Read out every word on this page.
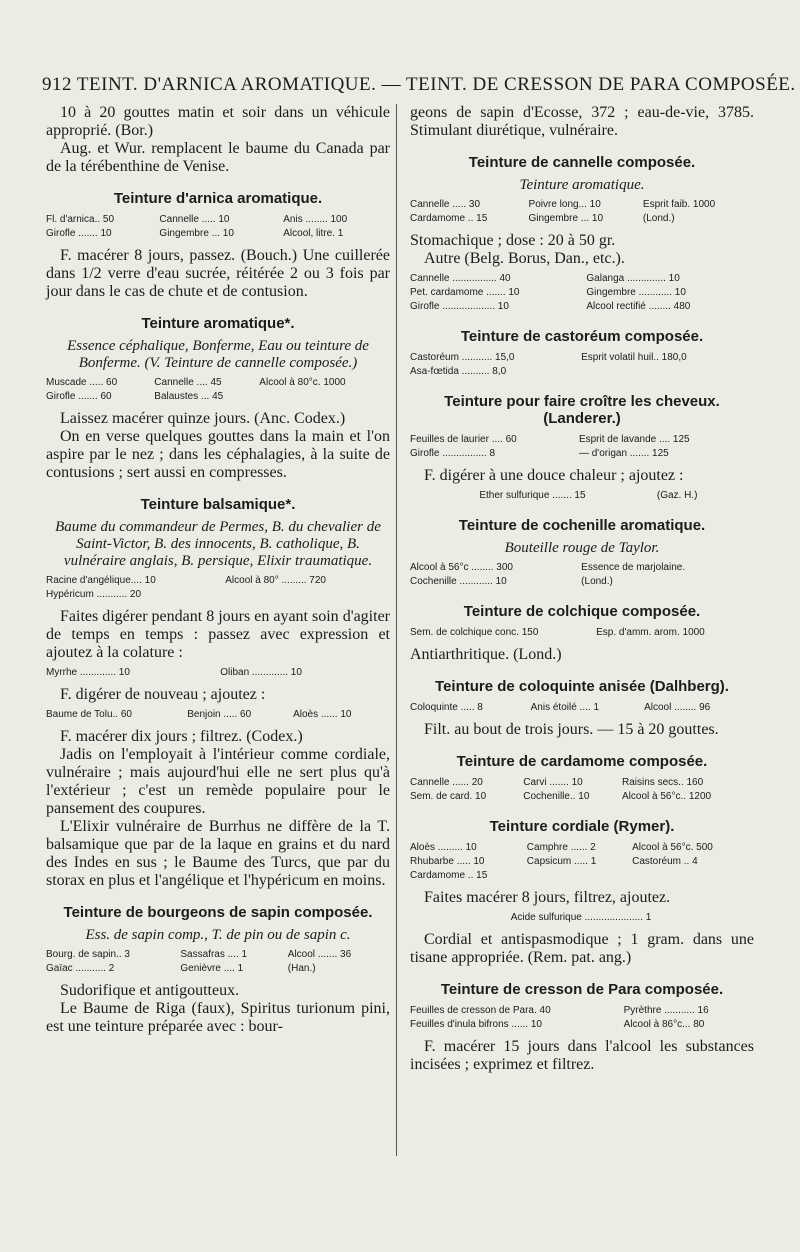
912 TEINT. D'ARNICA AROMATIQUE. — TEINT. DE CRESSON DE PARA COMPOSÉE.

10 à 20 gouttes matin et soir dans un véhicule approprié. (Bor.)

Aug. et Wur. remplacent le baume du Canada par de la térébenthine de Venise.

Teinture d'arnica aromatique.
Fl. d'arnica.. 50	Cannelle ..... 10	Anis ........ 100
Girofle ....... 10	Gingembre ... 10	Alcool, litre. 1

F. macérer 8 jours, passez. (Bouch.) Une cuillerée dans 1/2 verre d'eau sucrée, réitérée 2 ou 3 fois par jour dans le cas de chute et de contusion.

Teinture aromatique*.

Essence céphalique, Bonferme, Eau ou teinture de Bonferme. (V. Teinture de cannelle composée.)

Muscade ..... 60	Cannelle .... 45	Alcool à 80°c. 1000
Girofle ....... 60	Balaustes ... 45	

Laissez macérer quinze jours. (Anc. Codex.)

On en verse quelques gouttes dans la main et l'on aspire par le nez ; dans les céphalagies, à la suite de contusions ; sert aussi en compresses.

Teinture balsamique*.

Baume du commandeur de Permes, B. du chevalier de Saint-Victor, B. des innocents, B. catholique, B. vulnéraire anglais, B. persique, Elixir traumatique.

Racine d'angélique.... 10	Alcool à 80° ......... 720
Hypéricum ........... 20	

Faites digérer pendant 8 jours en ayant soin d'agiter de temps en temps : passez avec expression et ajoutez à la colature :

Myrrhe ............. 10	Oliban ............. 10

F. digérer de nouveau ; ajoutez :

Baume de Tolu.. 60	Benjoin ..... 60	Aloès ...... 10

F. macérer dix jours ; filtrez. (Codex.)

Jadis on l'employait à l'intérieur comme cordiale, vulnéraire ; mais aujourd'hui elle ne sert plus qu'à l'extérieur ; c'est un remède populaire pour le pansement des coupures.

L'Elixir vulnéraire de Burrhus ne diffère de la T. balsamique que par de la laque en grains et du nard des Indes en sus ; le Baume des Turcs, que par du storax en plus et l'angélique et l'hypéricum en moins.

Teinture de bourgeons de sapin composée.

Ess. de sapin comp., T. de pin ou de sapin c.

Bourg. de sapin.. 3	Sassafras .... 1	Alcool ....... 36
Gaïac ........... 2	Genièvre .... 1	(Han.)

Sudorifique et antigoutteux.

Le Baume de Riga (faux), Spiritus turionum pini, est une teinture préparée avec : bour-

geons de sapin d'Ecosse, 372 ; eau-de-vie, 3785. Stimulant diurétique, vulnéraire.

Teinture de cannelle composée.

Teinture aromatique.

Cannelle ..... 30	Poivre long... 10	Esprit faib. 1000
Cardamome .. 15	Gingembre ... 10	(Lond.)

Stomachique ; dose : 20 à 50 gr.

Autre (Belg. Borus, Dan., etc.).

Cannelle ................ 40	Galanga .............. 10
Pet. cardamome ....... 10	Gingembre ............ 10
Girofle ................... 10	Alcool rectifié ........ 480
Teinture de castoréum composée.
Castoréum ........... 15,0	Esprit volatil huil.. 180,0
Asa-fœtida .......... 8,0	
Teinture pour faire croître les cheveux. (Landerer.)
Feuilles de laurier .... 60	Esprit de lavande .... 125
Girofle ................ 8	— d'origan ....... 125

F. digérer à une douce chaleur ; ajoutez :

Ether sulfurique ....... 15	(Gaz. H.)
Teinture de cochenille aromatique.

Bouteille rouge de Taylor.

Alcool à 56°c ........ 300	Essence de marjolaine.
Cochenille ............ 10	(Lond.)
Teinture de colchique composée.
Sem. de colchique conc. 150	Esp. d'amm. arom. 1000

Antiarthritique. (Lond.)

Teinture de coloquinte anisée (Dalhberg).
Coloquinte ..... 8	Anis étoilé .... 1	Alcool ........ 96

Filt. au bout de trois jours. — 15 à 20 gouttes.

Teinture de cardamome composée.
Cannelle ...... 20	Carvi ....... 10	Raisins secs.. 160
Sem. de card. 10	Cochenille.. 10	Alcool à 56°c.. 1200
Teinture cordiale (Rymer).
Aloès ......... 10	Camphre ...... 2	Alcool à 56°c. 500
Rhubarbe ..... 10	Capsicum ..... 1	Castoréum .. 4
Cardamome .. 15		

Faites macérer 8 jours, filtrez, ajoutez.

Acide sulfurique ..................... 1

Cordial et antispasmodique ; 1 gram. dans une tisane appropriée. (Rem. pat. ang.)

Teinture de cresson de Para composée.
Feuilles de cresson de Para. 40	Pyrèthre ........... 16
Feuilles d'inula bifrons ...... 10	Alcool à 86°c... 80

F. macérer 15 jours dans l'alcool les substances incisées ; exprimez et filtrez.
